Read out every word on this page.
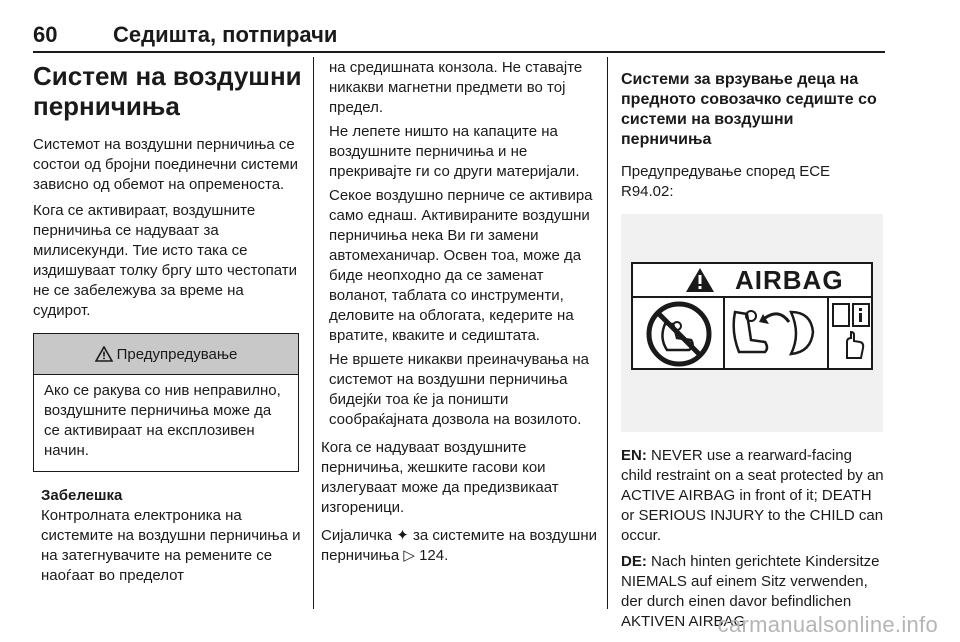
60	Седишта, потпирачи
Систем на воздушни перничиња

Системот на воздушни перничиња се состои од бројни поединечни системи зависно од обемот на опременоста.

Кога се активираат, воздушните перничиња се надуваат за милисекунди. Тие исто така се издишуваат толку бргу што честопати не се забележува за време на судирот.

Предупредување
Ако се ракува со нив неправилно, воздушните перничиња може да се активираат на експлозивен начин.
Забелешка
Контролната електроника на системите на воздушни перничиња и на затегнувачите на ремените се наоѓаат во пределот

на средишната конзола. Не ставајте никакви магнетни предмети во тој предел.

Не лепете ништо на капаците на воздушните перничиња и не прекривајте ги со други материјали.

Секое воздушно перниче се активира само еднаш. Активираните воздушни перничиња нека Ви ги замени автомеханичар. Освен тоа, може да биде неопходно да се заменат воланот, таблата со инструменти, деловите на облогата, кедерите на вратите, кваките и седиштата.

Не вршете никакви преиначувања на системот на воздушни перничиња бидејќи тоа ќе ја поништи сообраќајната дозвола на возилото.

Кога се надуваат воздушните перничиња, жешките гасови кои излегуваат може да предизвикаат изгореници.

Сијаличка ✦ за системите на воздушни перничиња ▷ 124.

Системи за врзување деца на предното совозачко седиште со системи на воздушни перничиња
Предупредување според ECE R94.02:
AIRBAG

EN: NEVER use a rearward-facing child restraint on a seat protected by an ACTIVE AIRBAG in front of it; DEATH or SERIOUS INJURY to the CHILD can occur.

DE: Nach hinten gerichtete Kindersitze NIEMALS auf einem Sitz verwenden, der durch einen davor befindlichen AKTIVEN AIRBAG

carmanualsonline.info
